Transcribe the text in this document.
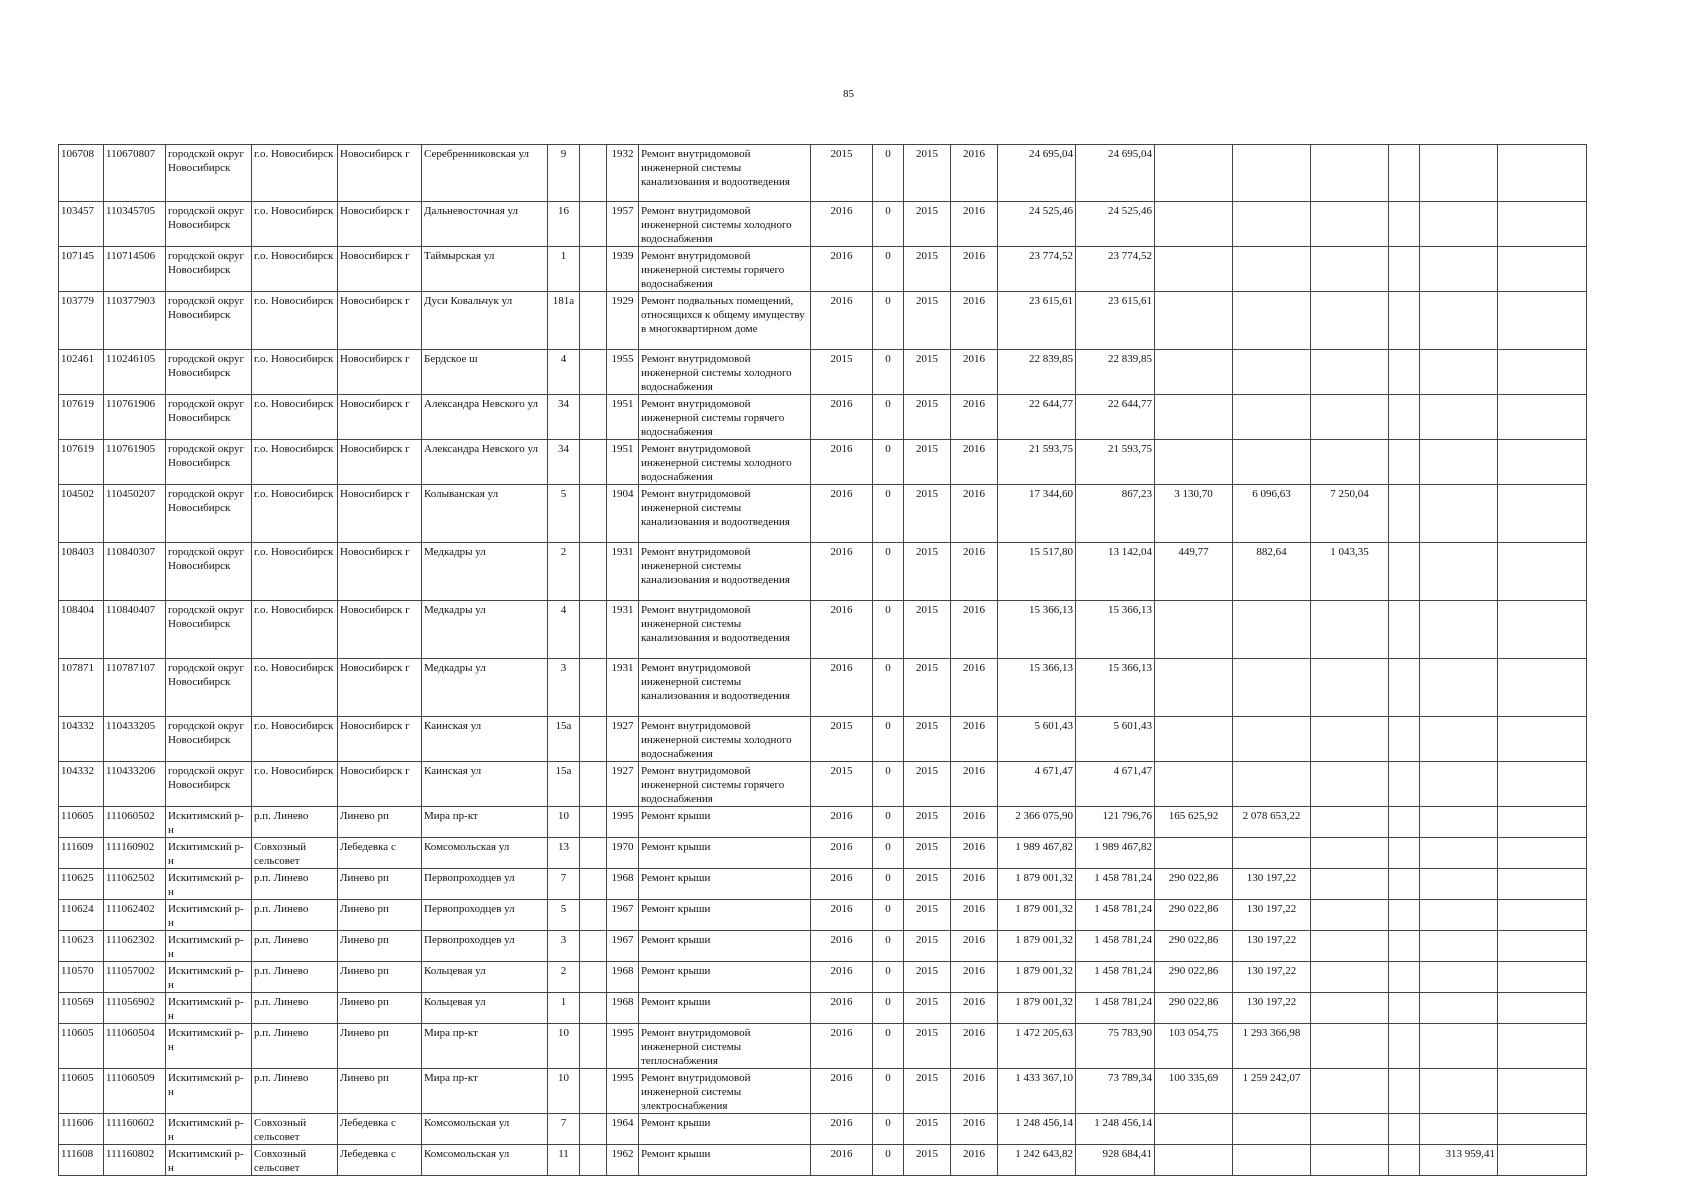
85
106708	110670807	городской округ Новосибирск	г.о. Новосибирск	Новосибирск г	Серебренниковская ул	9		1932	Ремонт внутридомовой инженерной системы канализования и водоотведения	2015	0	2015	2016	24 695,04	24 695,04						
103457	110345705	городской округ Новосибирск	г.о. Новосибирск	Новосибирск г	Дальневосточная ул	16		1957	Ремонт внутридомовой инженерной системы холодного водоснабжения	2016	0	2015	2016	24 525,46	24 525,46						
107145	110714506	городской округ Новосибирск	г.о. Новосибирск	Новосибирск г	Таймырская ул	1		1939	Ремонт внутридомовой инженерной системы горячего водоснабжения	2016	0	2015	2016	23 774,52	23 774,52						
103779	110377903	городской округ Новосибирск	г.о. Новосибирск	Новосибирск г	Дуси Ковальчук ул	181а		1929	Ремонт подвальных помещений, относящихся к общему имуществу в многоквартирном доме	2016	0	2015	2016	23 615,61	23 615,61						
102461	110246105	городской округ Новосибирск	г.о. Новосибирск	Новосибирск г	Бердское ш	4		1955	Ремонт внутридомовой инженерной системы холодного водоснабжения	2015	0	2015	2016	22 839,85	22 839,85						
107619	110761906	городской округ Новосибирск	г.о. Новосибирск	Новосибирск г	Александра Невского ул	34		1951	Ремонт внутридомовой инженерной системы горячего водоснабжения	2016	0	2015	2016	22 644,77	22 644,77						
107619	110761905	городской округ Новосибирск	г.о. Новосибирск	Новосибирск г	Александра Невского ул	34		1951	Ремонт внутридомовой инженерной системы холодного водоснабжения	2016	0	2015	2016	21 593,75	21 593,75						
104502	110450207	городской округ Новосибирск	г.о. Новосибирск	Новосибирск г	Колыванская ул	5		1904	Ремонт внутридомовой инженерной системы канализования и водоотведения	2016	0	2015	2016	17 344,60	867,23	3 130,70	6 096,63	7 250,04			
108403	110840307	городской округ Новосибирск	г.о. Новосибирск	Новосибирск г	Медкадры ул	2		1931	Ремонт внутридомовой инженерной системы канализования и водоотведения	2016	0	2015	2016	15 517,80	13 142,04	449,77	882,64	1 043,35			
108404	110840407	городской округ Новосибирск	г.о. Новосибирск	Новосибирск г	Медкадры ул	4		1931	Ремонт внутридомовой инженерной системы канализования и водоотведения	2016	0	2015	2016	15 366,13	15 366,13						
107871	110787107	городской округ Новосибирск	г.о. Новосибирск	Новосибирск г	Медкадры ул	3		1931	Ремонт внутридомовой инженерной системы канализования и водоотведения	2016	0	2015	2016	15 366,13	15 366,13						
104332	110433205	городской округ Новосибирск	г.о. Новосибирск	Новосибирск г	Каинская ул	15а		1927	Ремонт внутридомовой инженерной системы холодного водоснабжения	2015	0	2015	2016	5 601,43	5 601,43						
104332	110433206	городской округ Новосибирск	г.о. Новосибирск	Новосибирск г	Каинская ул	15а		1927	Ремонт внутридомовой инженерной системы горячего водоснабжения	2015	0	2015	2016	4 671,47	4 671,47						
110605	111060502	Искитимский р-н	р.п. Линево	Линево рп	Мира пр-кт	10		1995	Ремонт крыши	2016	0	2015	2016	2 366 075,90	121 796,76	165 625,92	2 078 653,22				
111609	111160902	Искитимский р-н	Совхозный сельсовет	Лебедевка с	Комсомольская ул	13		1970	Ремонт крыши	2016	0	2015	2016	1 989 467,82	1 989 467,82						
110625	111062502	Искитимский р-н	р.п. Линево	Линево рп	Первопроходцев ул	7		1968	Ремонт крыши	2016	0	2015	2016	1 879 001,32	1 458 781,24	290 022,86	130 197,22				
110624	111062402	Искитимский р-н	р.п. Линево	Линево рп	Первопроходцев ул	5		1967	Ремонт крыши	2016	0	2015	2016	1 879 001,32	1 458 781,24	290 022,86	130 197,22				
110623	111062302	Искитимский р-н	р.п. Линево	Линево рп	Первопроходцев ул	3		1967	Ремонт крыши	2016	0	2015	2016	1 879 001,32	1 458 781,24	290 022,86	130 197,22				
110570	111057002	Искитимский р-н	р.п. Линево	Линево рп	Кольцевая ул	2		1968	Ремонт крыши	2016	0	2015	2016	1 879 001,32	1 458 781,24	290 022,86	130 197,22				
110569	111056902	Искитимский р-н	р.п. Линево	Линево рп	Кольцевая ул	1		1968	Ремонт крыши	2016	0	2015	2016	1 879 001,32	1 458 781,24	290 022,86	130 197,22				
110605	111060504	Искитимский р-н	р.п. Линево	Линево рп	Мира пр-кт	10		1995	Ремонт внутридомовой инженерной системы теплоснабжения	2016	0	2015	2016	1 472 205,63	75 783,90	103 054,75	1 293 366,98				
110605	111060509	Искитимский р-н	р.п. Линево	Линево рп	Мира пр-кт	10		1995	Ремонт внутридомовой инженерной системы электроснабжения	2016	0	2015	2016	1 433 367,10	73 789,34	100 335,69	1 259 242,07				
111606	111160602	Искитимский р-н	Совхозный сельсовет	Лебедевка с	Комсомольская ул	7		1964	Ремонт крыши	2016	0	2015	2016	1 248 456,14	1 248 456,14						
111608	111160802	Искитимский р-н	Совхозный сельсовет	Лебедевка с	Комсомольская ул	11		1962	Ремонт крыши	2016	0	2015	2016	1 242 643,82	928 684,41					313 959,41	
